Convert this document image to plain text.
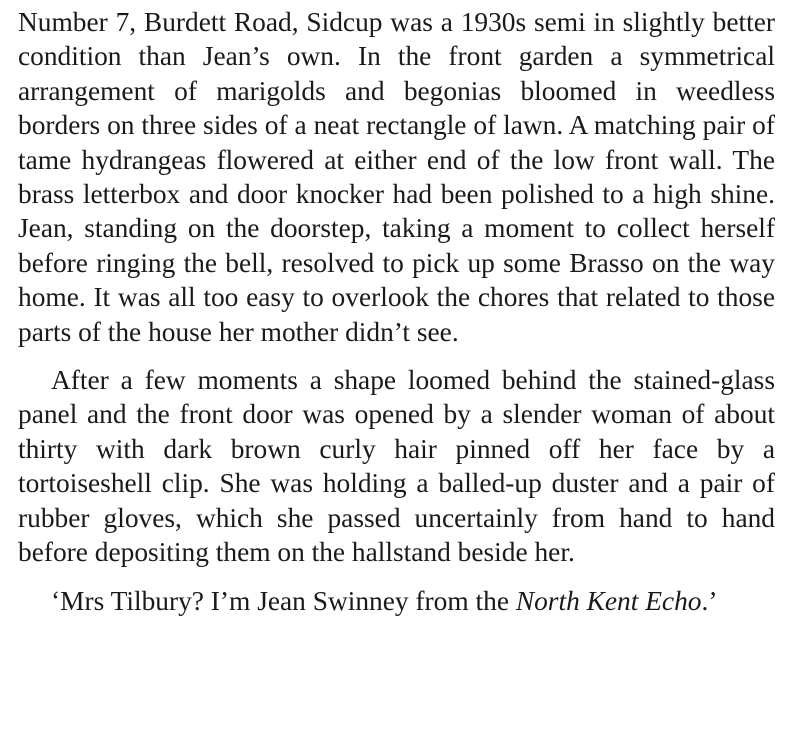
Number 7, Burdett Road, Sidcup was a 1930s semi in slightly better condition than Jean’s own. In the front garden a symmetrical arrangement of marigolds and begonias bloomed in weedless borders on three sides of a neat rectangle of lawn. A matching pair of tame hydrangeas flowered at either end of the low front wall. The brass letterbox and door knocker had been polished to a high shine. Jean, standing on the doorstep, taking a moment to collect herself before ringing the bell, resolved to pick up some Brasso on the way home. It was all too easy to overlook the chores that related to those parts of the house her mother didn’t see.

After a few moments a shape loomed behind the stained-glass panel and the front door was opened by a slender woman of about thirty with dark brown curly hair pinned off her face by a tortoiseshell clip. She was holding a balled-up duster and a pair of rubber gloves, which she passed uncertainly from hand to hand before depositing them on the hallstand beside her.

‘Mrs Tilbury? I’m Jean Swinney from the North Kent Echo.’
